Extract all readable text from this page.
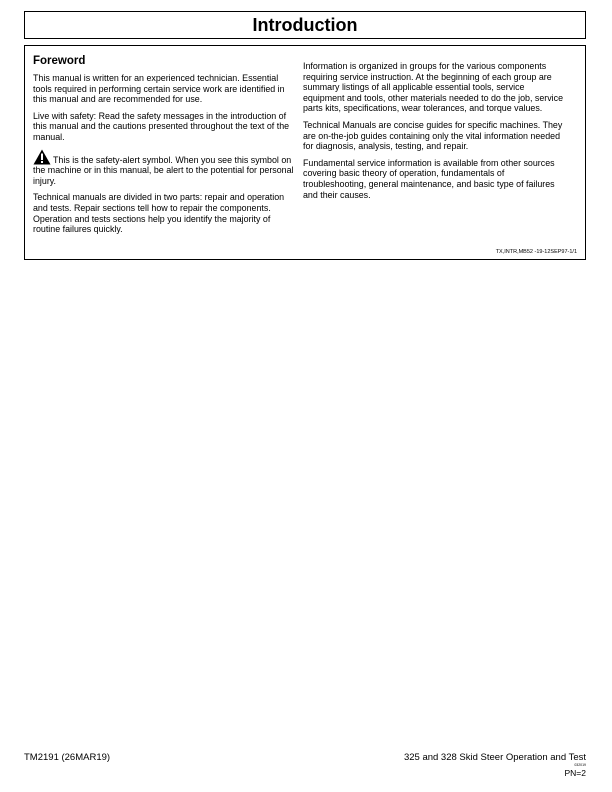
Introduction
Foreword

This manual is written for an experienced technician. Essential tools required in performing certain service work are identified in this manual and are recommended for use.

Live with safety: Read the safety messages in the introduction of this manual and the cautions presented throughout the text of the manual.

This is the safety-alert symbol. When you see this symbol on the machine or in this manual, be alert to the potential for personal injury.

Technical manuals are divided in two parts: repair and operation and tests. Repair sections tell how to repair the components. Operation and tests sections help you identify the majority of routine failures quickly.

Information is organized in groups for the various components requiring service instruction. At the beginning of each group are summary listings of all applicable essential tools, service equipment and tools, other materials needed to do the job, service parts kits, specifications, wear tolerances, and torque values.

Technical Manuals are concise guides for specific machines. They are on-the-job guides containing only the vital information needed for diagnosis, analysis, testing, and repair.

Fundamental service information is available from other sources covering basic theory of operation, fundamentals of troubleshooting, general maintenance, and basic type of failures and their causes.

TX,INTR,MB52 -19-12SEP97-1/1
TM2191 (26MAR19)	325 and 328 Skid Steer Operation and Test
032019
PN=2
